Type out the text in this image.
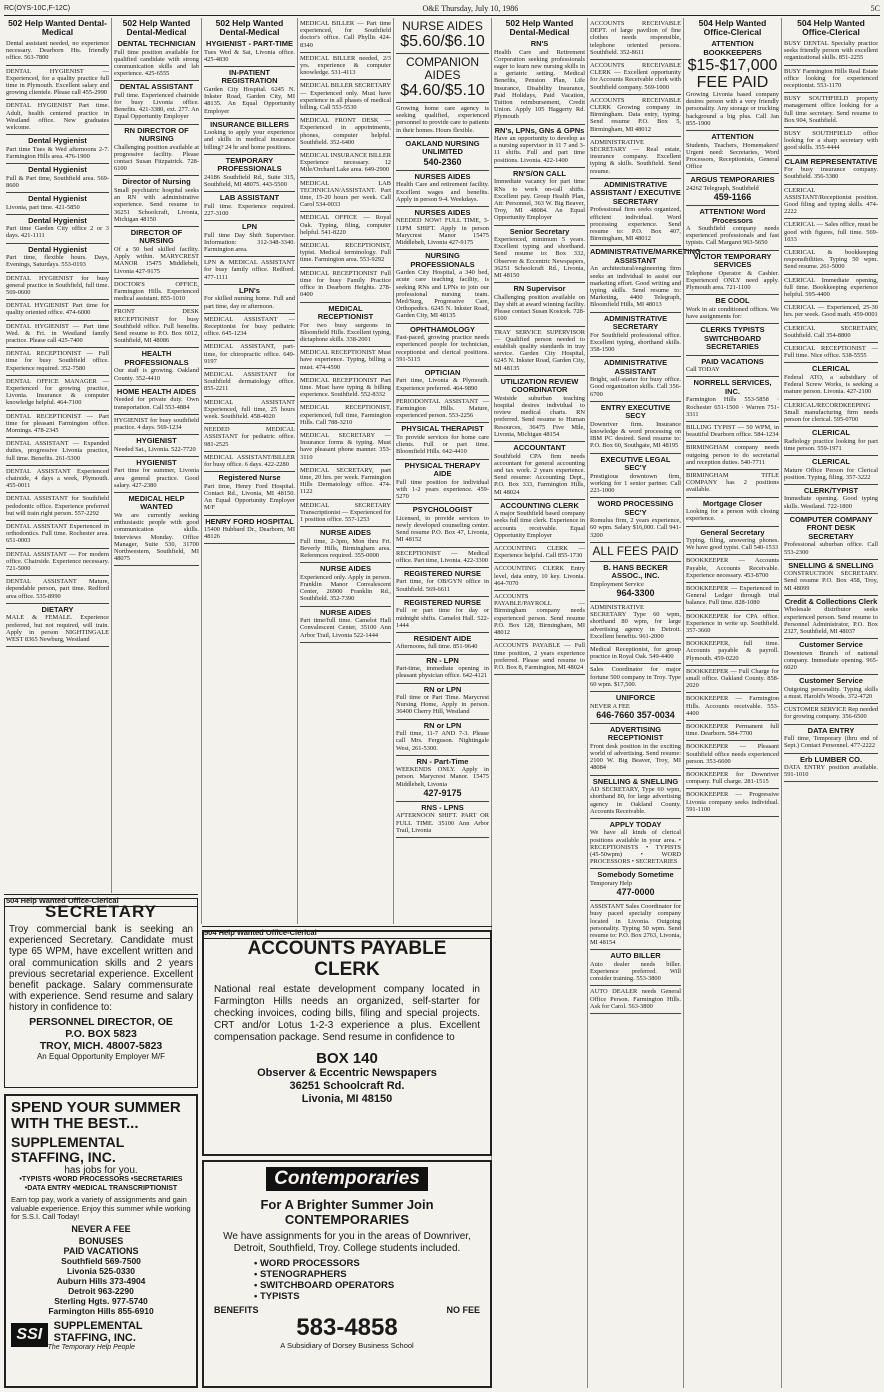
RC(OYS-10C,F-12C)	O&E Thursday, July 10, 1986	5C
502 Help Wanted Dental-Medical
Dental assistant needed, no experience necessary. Dearborn Hts. friendly office. 563-7800
DENTAL HYGIENIST — Experienced, for a quality practice full time in Plymouth. Excellent salary and growing clientele. Please call 455-2990
DENTAL HYGIENIST Part time. Adult, health centered practice in Westland office. New graduates welcome.
Dental Hygienist
Part time Tues & Wed afternoons 2-7. Farmington Hills area. 476-1900
Dental Hygienist
Full & Part time, Southfield area. 569-8600
Dental Hygienist
Livonia, part time. 421-5850
Dental Hygienist
Part time Garden City office 2 or 3 days. 421-1111
Dental Hygienist
Part time, flexible hours. Days, Evenings, Saturdays. 553-0193
DENTAL HYGIENIST for busy general practice in Southfield, full time. 569-0600
DENTAL HYGIENIST Part time for quality oriented office. 474-6000
DENTAL HYGIENIST — Part time Wed. & Fri. in Westland family practice. Please call 425-7400
DENTAL RECEPTIONIST — Full time for busy Southfield office. Experience required. 352-7580
DENTAL OFFICE MANAGER — Experienced for growing practice, Livonia. Insurance & computer knowledge helpful. 464-7100
DENTAL RECEPTIONIST — Part time for pleasant Farmington office. Mornings. 478-2345
DENTAL ASSISTANT — Expanded duties, progressive Livonia practice, full time. Benefits. 261-5300
DENTAL ASSISTANT Experienced chairside, 4 days a week, Plymouth. 455-0011
DENTAL ASSISTANT for Southfield pedodontic office. Experience preferred but will train right person. 557-2292
DENTAL ASSISTANT Experienced in orthodontics. Full time. Rochester area. 651-0003
DENTAL ASSISTANT — For modern office. Chairside. Experience necessary. 721-5000
DENTAL ASSISTANT Mature, dependable person, part time. Redford area office. 535-8990
DIETARY
MALE & FEMALE. Experience preferred, but not required, will train. Apply in person NIGHTINGALE WEST 8365 Newburg, Westland
502 Help Wanted Dental-Medical
DENTAL TECHNICIAN
Full time position available for qualified candidate with strong communication skills and lab experience. 425-6555
DENTAL ASSISTANT
Full time. Experienced chairside for busy Livonia office. Benefits. 421-3380, ext. 277. An Equal Opportunity Employer
RN DIRECTOR OF NURSING
Challenging position available at progressive facility. Please contact Susan Fitzpatrick. 728-6100
Director of Nursing
Small psychiatric hospital seeks an RN with administrative experience. Send resume to 36251 Schoolcraft, Livonia, Michigan 48150
DIRECTOR OF NURSING
Of a 50 bed skilled facility. Apply within. MARYCREST MANOR 15475 Middlebelt, Livonia 427-9175
DOCTOR'S OFFICE, Farmington Hills. Experienced medical assistant. 855-1010
FRONT DESK RECEPTIONIST for busy Southfield office. Full benefits. Send resume to P.O. Box 6012, Southfield, MI 48086
HEALTH PROFESSIONALS
Our staff is growing. Oakland County. 352-4410
HOME HEALTH AIDES
Needed for private duty. Own transportation. Call 553-4884
HYGIENIST for busy southfield practice. 4 days. 569-1234
HYGIENIST
Needed Sat., Livonia. 522-7720
HYGIENIST
Part time for summer, Livonia area general practice. Good salary. 427-2380
MEDICAL HELP WANTED
We are currently seeking enthusiastic people with good communication skills. Interviews Monday. Office Manager, Suite 530, 31700 Northwestern, Southfield, MI 48075
502 Help Wanted Dental-Medical
HYGIENIST - PART-TIME
Tues Wed & Sat, Livonia office. 425-4830
IN-PATIENT REGISTRATION
Garden City Hospital. 6245 N. Inkster Road, Garden City, MI 48135. An Equal Opportunity Employer
INSURANCE BILLERS
Looking to apply your experience and skills in medical insurance billing? 24 hr and home positions.
TEMPORARY PROFESSIONALS
24186 Southfield Rd., Suite 315, Southfield, MI 48075. 443-5500
LAB ASSISTANT
Full time. Experience required. 227-3100
LPN
Full time Day Shift Supervisor. Information: 312-348-3340. Farmington area.
LPN & MEDICAL ASSISTANT for busy family office. Redford. 477-1111
LPN's
For skilled nursing home. Full and part time, day or afternoon.
MEDICAL ASSISTANT — Receptionist for busy pediatric office. 645-1234
MEDICAL ASSISTANT, part-time, for chiropractic office. 649-9197
MEDICAL ASSISTANT for Southfield dermatology office. 855-2211
MEDICAL ASSISTANT Experienced, full time, 25 hours week. Southfield. 458-4020
NEEDED MEDICAL ASSISTANT for pediatric office. 981-2525
MEDICAL ASSISTANT/BILLER for busy office. 6 days. 422-2280
Registered Nurse
Part time, Henry Ford Hospital. Contact Rd., Livonia, MI 48150. An Equal Opportunity Employer M/F
HENRY FORD HOSPITAL
15400 Hubbard Dr., Dearborn, MI 48126
MEDICAL BILLER — Part time experienced, for Southfield doctor's office. Call Phyllis 424-8340
MEDICAL BILLER needed, 2/3 yrs. experience & computer knowledge. 531-4113
MEDICAL BILLER SECRETARY — Experienced only. Must have experience in all phases of medical billing. Call 553-5530
MEDICAL FRONT DESK — Experienced in appointments, phones, computer helpful. Southfield. 352-6400
MEDICAL INSURANCE BILLER Experience necessary. 12 Mile/Orchard Lake area. 649-2900
MEDICAL LAB TECHNICIAN/ASSISTANT. Part time, 15-20 hours per week. Call Carol 534-0033
MEDICAL OFFICE — Royal Oak. Typing, filing, computer helpful. 541-8220
MEDICAL RECEPTIONIST, typist. Medical terminology. Full time. Farmington area. 553-9292
MEDICAL RECEPTIONIST Full time for busy Family Practice office in Dearborn Heights. 278-0400
MEDICAL RECEPTIONIST
For two busy surgeons in Bloomfield Hills. Excellent typing, dictaphone skills. 338-2001
MEDICAL RECEPTIONIST Must have experience. Typing, billing a must. 474-4590
MEDICAL RECEPTIONIST Part time. Must have typing & billing experience. Southfield. 552-8332
MEDICAL RECEPTIONIST, experienced, full time, Farmington Hills. Call 788-3210
MEDICAL SECRETARY — Insurance forms & typing. Must have pleasant phone manner. 353-3110
MEDICAL SECRETARY, part time, 20 hrs. per week. Farmington Hills Dermatology office. 474-1122
MEDICAL SECRETARY Transcriptionist — Experienced for 1 position office. 557-1253
NURSE AIDES
Full time, 2-3pm, Mon thru Fri. Beverly Hills, Birmingham area. References required. 355-0000
NURSE AIDES
Experienced only. Apply in person. Franklin Manor Convalescent Center, 26900 Franklin Rd., Southfield. 352-7390
NURSE AIDES
Part time/full time. Camelot Hall Convalescent Center, 35100 Ann Arbor Trail, Livonia 522-1444
NURSE AIDES
$5.60/$6.10
COMPANION AIDES
$4.60/$5.10
Growing home care agency is seeking qualified, experienced personnel to provide care to patients in their homes. Hours flexible.
OAKLAND NURSING UNLIMITED
540-2360
NURSES AIDES
Health Care and retirement facility. Excellent wages and benefits. Apply in person 9-4. Weekdays.
NURSES AIDES
NEEDED NOW! FULL TIME, 3-11PM SHIFT. Apply in person Marycrest Manor 15475 Middlebelt, Livonia 427-9175
NURSING PROFESSIONALS
Garden City Hospital, a 340 bed, acute care teaching facility, is seeking RNs and LPNs to join our professional nursing team. Med/Surg, Progressive Care, Orthopedics. 6245 N. Inkster Road, Garden City, MI 48135
OPHTHAMOLOGY
Fast-paced, growing practice needs experienced people for technician, receptionist and clerical positions. 591-5115
OPTICIAN
Part time, Livonia & Plymouth. Experience preferred. 464-9890
PERIODONTAL ASSISTANT — Farmington Hills. Mature, experienced person. 553-2256
PHYSICAL THERAPIST
To provide services for home care clients. Full or part time. Bloomfield Hills. 642-4410
PHYSICAL THERAPY AIDE
Full time position for individual with 1-2 years experience. 459-5270
PSYCHOLOGIST
Licensed, to provide services to newly developed counseling center. Send resume P.O. Box 47, Livonia, MI 48152
RECEPTIONIST — Medical office. Part time, Livonia. 422-3300
REGISTERED NURSE
Part time, for OB/GYN office in Southfield. 569-6611
REGISTERED NURSE
Full or part time for day or midnight shifts. Camelot Hall. 522-1444
RESIDENT AIDE
Afternoons, full time. 851-9640
RN - LPN
Part-time, immediate opening in pleasant physician office. 642-4121
RN or LPN
Full time or Part Time. Marycrest Nursing Home, Apply in person. 36400 Cherry Hill, Westland
RN or LPN
Full time, 11-7 AND 7-3. Please call Mrs. Ferguson. Nightingale West, 261-5300.
RN - Part-Time
WEEKENDS ONLY. Apply in person. Marycrest Manor. 15475 Middlebelt, Livonia
427-9175
RNS - LPNS
AFTERNOON SHIFT. PART OR FULL TIME. 35100 Ann Arbor Trail, Livonia
502 Help Wanted Dental-Medical
RN'S
Health Care and Retirement Corporation seeking professionals eager to learn new nursing skills in a geriatric setting. Medical Benefits, Pension Plan, Life Insurance, Disability Insurance, Paid Holidays, Paid Vacation, Tuition reimbursement, Credit Union. Apply 105 Haggerty Rd. Plymouth
RN's, LPNs, GNs & GPNs
Have an opportunity to develop as a nursing supervisor in 11 7 and 3-11 shifts. Full and part time positions. Livonia. 422-1400
RN'S/ON CALL
Immediate vacancy for part time RNs to work on-call shifts. Excellent pay. Group Health Plan, Att: Personnel, 363 W. Big Beaver, Troy, MI 48084. An Equal Opportunity Employer
Senior Secretary
Experienced, minimum 5 years. Excellent typing and shorthand. Send resume to: Box 332, Observer & Eccentric Newspapers, 36251 Schoolcraft Rd., Livonia, MI 48150
RN Supervisor
Challenging position available on Day shift at award winning facility. Please contact Susan Kosicek. 728-6100
TRAY SERVICE SUPERVISOR — Qualified person needed to establish quality standards in tray service. Garden City Hospital, 6245 N. Inkster Road, Garden City, MI 48135
UTILIZATION REVIEW COORDINATOR
Westside suburban teaching hospital desires individual to review medical charts. RN preferred. Send resume to Human Resources, 36475 Five Mile, Livonia, Michigan 48154
ACCOUNTANT
Southfield CPA firm needs accountant for general accounting and tax work. 2 years experience. Send resume: Accounting Dept., P.O. Box 333, Farmington Hills, MI 48024
ACCOUNTING CLERK
A major Southfield based company seeks full time clerk. Experience in accounts receivable. Equal Opportunity Employer
ACCOUNTING CLERK — Experience helpful. Call 855-1730
ACCOUNTING CLERK Entry level, data entry, 10 key. Livonia. 464-7070
ACCOUNTS PAYABLE/PAYROLL — Birmingham company needs experienced person. Send resume P.O. Box 128, Birmingham, MI 48012
ACCOUNTS PAYABLE — Full time position, 2 years experience preferred. Please send resume to P.O. Box 8, Farmington, MI 48024
ACCOUNTS RECEIVABLE DEPT. of large pavilion of fine clothes needs responsible, telephone oriented persons. Southfield. 352-8611
ACCOUNTS RECEIVABLE CLERK — Excellent opportunity for Accounts Receivable clerk with Southfield company. 569-1000
ACCOUNTS RECEIVABLE CLERK Growing company in Birmingham. Data entry, typing. Send resume P.O. Box 5, Birmingham, MI 48012
ADMINISTRATIVE SECRETARY — Real estate, insurance company. Excellent typing & skills. Southfield. Send resume.
ADMINISTRATIVE ASSISTANT / EXECUTIVE SECRETARY
Professional firm seeks organized, efficient individual. Word processing experience. Send resume to: P.O. Box 407, Birmingham, MI 48012
ADMINISTRATIVE/MARKETING ASSISTANT
An architectural/engineering firm seeks an individual to assist our marketing effort. Good writing and typing skills. Send resume to: Marketing, 4400 Telegraph, Bloomfield Hills, MI 48013
ADMINISTRATIVE SECRETARY
For Southfield professional office. Excellent typing, shorthand skills. 358-1500
ADMINISTRATIVE ASSISTANT
Bright, self-starter for busy office. Good organization skills. Call 356-6700
ENTRY EXECUTIVE SECY
Downriver firm. Insurance knowledge & word processing on IBM PC desired. Send resume to: P.O. Box 60, Southgate, MI 48195
EXECUTIVE LEGAL SEC'Y
Prestigious downtown firm, working for 1 senior partner. Call 223-1000
WORD PROCESSING SEC'Y
Romulus firm, 2 years experience, 60 wpm. Salary $16,000. Call 941-3200
ALL FEES PAID
B. HANS BECKER ASSOC., INC.
Employment Service
964-3300
ADMINISTRATIVE SECRETARY Type 60 wpm, shorthand 80 wpm, for large advertising agency in Detroit. Excellent benefits. 961-2000
Medical Receptionist, for group practice in Royal Oak. 549-4400
Sales Coordinator for major fortune 500 company in Troy. Type 60 wpm. $17,500.
UNIFORCE
NEVER A FEE
646-7660 357-0034
ADVERTISING RECEPTIONIST
Front desk position in the exciting world of advertising. Send resume: 2100 W. Big Beaver, Troy, MI 48084
SNELLING & SNELLING
AD SECRETARY, Type 60 wpm, shorthand 80, for large advertising agency in Oakland County. Accounts Receivable.
APPLY TODAY
We have all kinds of clerical positions available in your area. • RECEPTIONISTS • TYPISTS (45-50wpm) • WORD PROCESSORS • SECRETARIES
Somebody Sometime
Temporary Help
477-0000
ASSISTANT Sales Coordinator for busy paced specialty company located in Livonia. Outgoing personality. Typing 50 wpm. Send resume to: P.O. Box 2763, Livonia, MI 48154
AUTO BILLER
Auto dealer needs biller. Experience preferred. Will consider training. 553-3800
AUTO DEALER needs General Office Person. Farmington Hills. Ask for Carol. 563-3800
504 Help Wanted Office-Clerical
ATTENTION BOOKKEEPERS
$15-$17,000 FEE PAID
Growing Livonia based company desires person with a very friendly personality. Any storage or trucking background a big plus. Call Jan 855-1900
ATTENTION
Students, Teachers, Homemakers! Urgent need: Secretaries, Word Processors, Receptionists, General Office
ARGUS TEMPORARIES
24262 Telegraph, Southfield
459-1166
ATTENTION! Word Processors
A Southfield company needs experienced professionals and fast typists. Call Margaret 963-5650
VICTOR TEMPORARY SERVICES
Telephone Operator & Cashier. Experienced ONLY need apply. Plymouth area. 721-1100
BE COOL
Work in air conditioned offices. We have assignments for:
CLERKS TYPISTS SWITCHBOARD SECRETARIES
PAID VACATIONS
Call TODAY
NORRELL SERVICES, INC.
Farmington Hills 553-5858 · Rochester 651-1500 · Warren 751-3311
BILLING TYPIST — 50 WPM, in beautiful Dearborn office. 584-1234
BIRMINGHAM company needs outgoing person to do secretarial and reception duties. 540-7711
BIRMINGHAM TITLE COMPANY has 2 positions available.
Mortgage Closer
Looking for a person with closing experience.
General Secretary
Typing, filing, answering phones. We have good typist. Call 540-1533
BOOKKEEPER — Accounts Payable, Accounts Receivable. Experience necessary. 453-8700
BOOKKEEPER — Experienced in General Ledger through trial balance. Full time. 828-1080
BOOKKEEPER for CPA office. Experience in write up. Southfield. 357-3660
BOOKKEEPER, full time. Accounts payable & payroll. Plymouth. 459-0220
BOOKKEEPER — Full Charge for small office. Oakland County. 858-2020
BOOKKEEPER — Farmington Hills. Accounts receivable. 553-4400
BOOKKEEPER Permanent full time. Dearborn. 584-7700
BOOKKEEPER — Pleasant Southfield office needs experienced person. 353-6600
BOOKKEEPER for Downriver company. Full charge. 281-1515
BOOKKEEPER — Progressive Livonia company seeks individual. 591-1100
504 Help Wanted Office-Clerical
BUSY DENTAL Specialty practice seeks friendly person with excellent organizational skills. 851-2255
BUSY Farmington Hills Real Estate office looking for experienced receptionist. 553-1170
BUSY SOUTHFIELD property management office looking for a full time secretary. Send resume to Box 904, Southfield.
BUSY SOUTHFIELD office looking for a sharp secretary with good skills. 355-4444
CLAIM REPRESENTATIVE
For busy insurance company. Southfield. 356-3380
CLERICAL ASSISTANT/Receptionist position. Good filing and typing skills. 474-2222
CLERICAL — Sales office, must be good with figures, full time. 569-1033
CLERICAL & bookkeeping responsibilities. Typing 50 wpm. Send resume. 261-5000
CLERICAL Immediate opening, full time. Bookkeeping experience helpful. 595-4400
CLERICAL — Experienced, 25-30 hrs. per week. Good math. 459-0001
CLERICAL SECRETARY, Southfield. Call 354-8800
CLERICAL RECEPTIONIST — Full time. Nice office. 538-5555
CLERICAL
Federal ATO, a subsidiary of Federal Screw Works, is seeking a mature person. Livonia. 427-2100
CLERICAL/RECORDKEEPING Small manufacturing firm needs person for clerical. 595-0700
CLERICAL
Radiology practice looking for part time person. 559-1971
CLERICAL
Mature Office Person for Clerical position. Typing, filing. 357-3222
CLERK/TYPIST
Immediate opening. Good typing skills. Westland. 722-1800
COMPUTER COMPANY FRONT DESK SECRETARY
Professional suburban office. Call 553-2300
SNELLING & SNELLING
CONSTRUCTION SECRETARY. Send resume P.O. Box 458, Troy, MI 48099
Credit & Collections Clerk
Wholesale distributor seeks experienced person. Send resume to Personnel Administrator, P.O. Box 2327, Southfield, MI 48037
Customer Service
Downtown Branch of national company. Immediate opening. 965-6020
Customer Service
Outgoing personality. Typing skills a must. Harold's Woods. 372-4720
CUSTOMER SERVICE Rep needed for growing company. 356-6500
DATA ENTRY
Full time, Temporary (thru end of Sept.) Contact Personnel. 477-2222
Erb LUMBER CO.
DATA ENTRY position available. 591-1010
504 Help Wanted Office-Clerical
SECRETARY
Troy commercial bank is seeking an experienced Secretary. Candidate must type 65 WPM, have excellent written and oral communication skills and 2 years previous secretarial experience. Excellent benefit package. Salary commensurate with experience. Send resume and salary history in confidence to:
PERSONNEL DIRECTOR, OE
P.O. BOX 5823
TROY, MICH. 48007-5823
An Equal Opportunity Employer M/F
SPEND YOUR SUMMER WITH THE BEST...
SUPPLEMENTAL STAFFING, INC.
has jobs for you.
•TYPISTS •WORD PROCESSORS •SECRETARIES •DATA ENTRY •MEDICAL TRANSCRIPTIONIST
Earn top pay, work a variety of assignments and gain valuable experience. Enjoy this summer while working for S.S.I. Call Today!
NEVER A FEE
BONUSES
PAID VACATIONS
Southfield 569-7500
Livonia 525-0330
Auburn Hills 373-4904
Detroit 963-2290
Sterling Hgts. 977-5740
Farmington Hills 855-6910
SSI
SUPPLEMENTAL STAFFING, INC.
The Temporary Help People
504 Help Wanted Office-Clerical
ACCOUNTS PAYABLE CLERK
National real estate development company located in Farmington Hills needs an organized, self-starter for checking invoices, coding bills, filing and special projects. CRT and/or Lotus 1-2-3 experience a plus. Excellent compensation package. Send resume in confidence to
BOX 140
Observer & Eccentric Newspapers
36251 Schoolcraft Rd.
Livonia, MI 48150
Contemporaries
For A Brighter Summer Join CONTEMPORARIES
We have assignments for you in the areas of Downriver, Detroit, Southfield, Troy. College students included.
• WORD PROCESSORS
• STENOGRAPHERS
• SWITCHBOARD OPERATORS
• TYPISTS
BENEFITS	NO FEE
583-4858
A Subsidiary of Dorsey Business School
